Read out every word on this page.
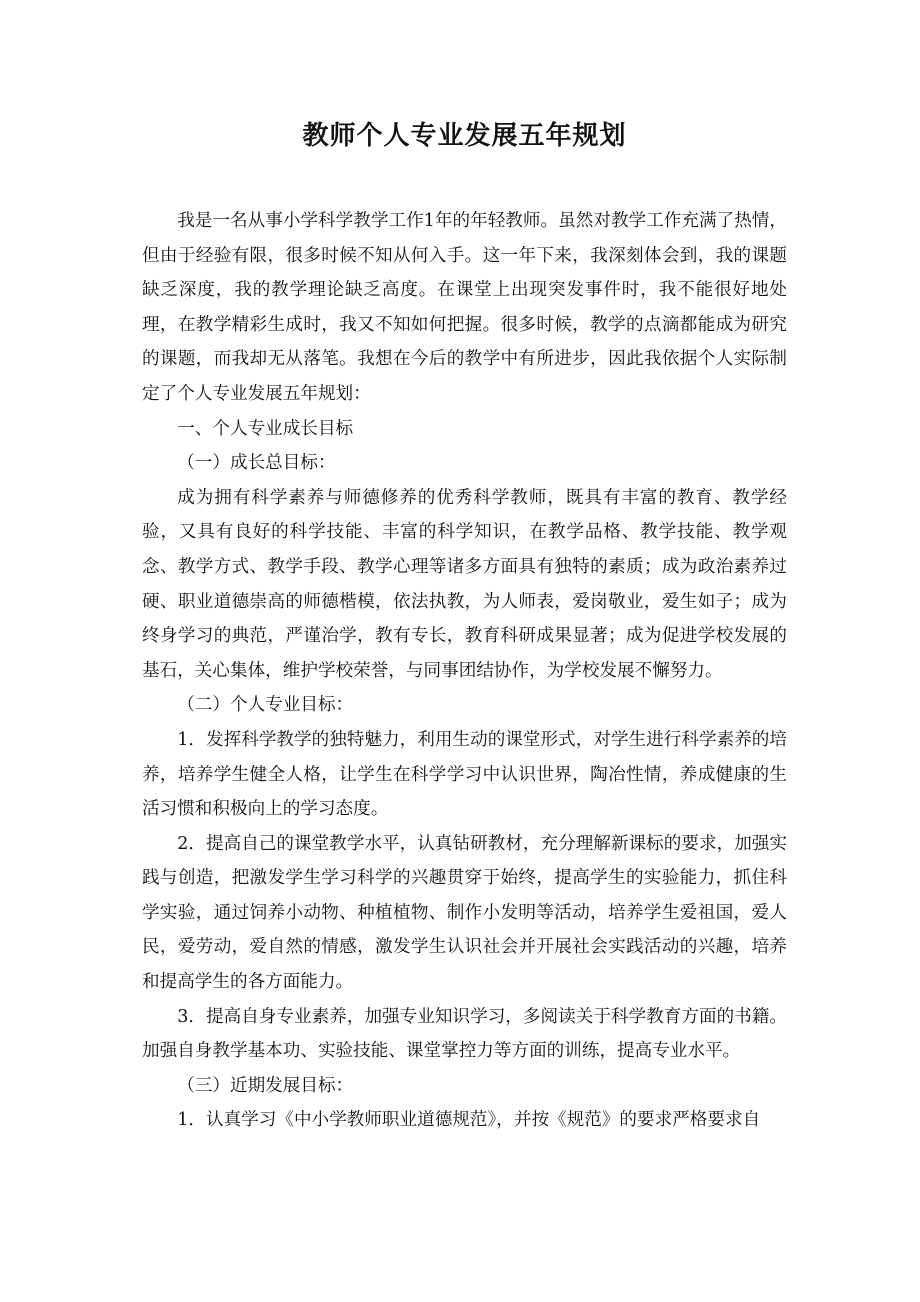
教师个人专业发展五年规划

我是一名从事小学科学教学工作1年的年轻教师。虽然对教学工作充满了热情，但由于经验有限，很多时候不知从何入手。这一年下来，我深刻体会到，我的课题缺乏深度，我的教学理论缺乏高度。在课堂上出现突发事件时，我不能很好地处理，在教学精彩生成时，我又不知如何把握。很多时候，教学的点滴都能成为研究的课题，而我却无从落笔。我想在今后的教学中有所进步，因此我依据个人实际制定了个人专业发展五年规划：

一、个人专业成长目标

（一）成长总目标：

成为拥有科学素养与师德修养的优秀科学教师，既具有丰富的教育、教学经验，又具有良好的科学技能、丰富的科学知识，在教学品格、教学技能、教学观念、教学方式、教学手段、教学心理等诸多方面具有独特的素质；成为政治素养过硬、职业道德崇高的师德楷模，依法执教，为人师表，爱岗敬业，爱生如子；成为终身学习的典范，严谨治学，教有专长，教育科研成果显著；成为促进学校发展的基石，关心集体，维护学校荣誉，与同事团结协作，为学校发展不懈努力。

（二）个人专业目标：

1．发挥科学教学的独特魅力，利用生动的课堂形式，对学生进行科学素养的培养，培养学生健全人格，让学生在科学学习中认识世界，陶冶性情，养成健康的生活习惯和积极向上的学习态度。

2．提高自己的课堂教学水平，认真钻研教材，充分理解新课标的要求，加强实践与创造，把激发学生学习科学的兴趣贯穿于始终，提高学生的实验能力，抓住科学实验，通过饲养小动物、种植植物、制作小发明等活动，培养学生爱祖国，爱人民，爱劳动，爱自然的情感，激发学生认识社会并开展社会实践活动的兴趣，培养和提高学生的各方面能力。

3．提高自身专业素养，加强专业知识学习，多阅读关于科学教育方面的书籍。加强自身教学基本功、实验技能、课堂掌控力等方面的训练，提高专业水平。

（三）近期发展目标：

1．认真学习《中小学教师职业道德规范》，并按《规范》的要求严格要求自
